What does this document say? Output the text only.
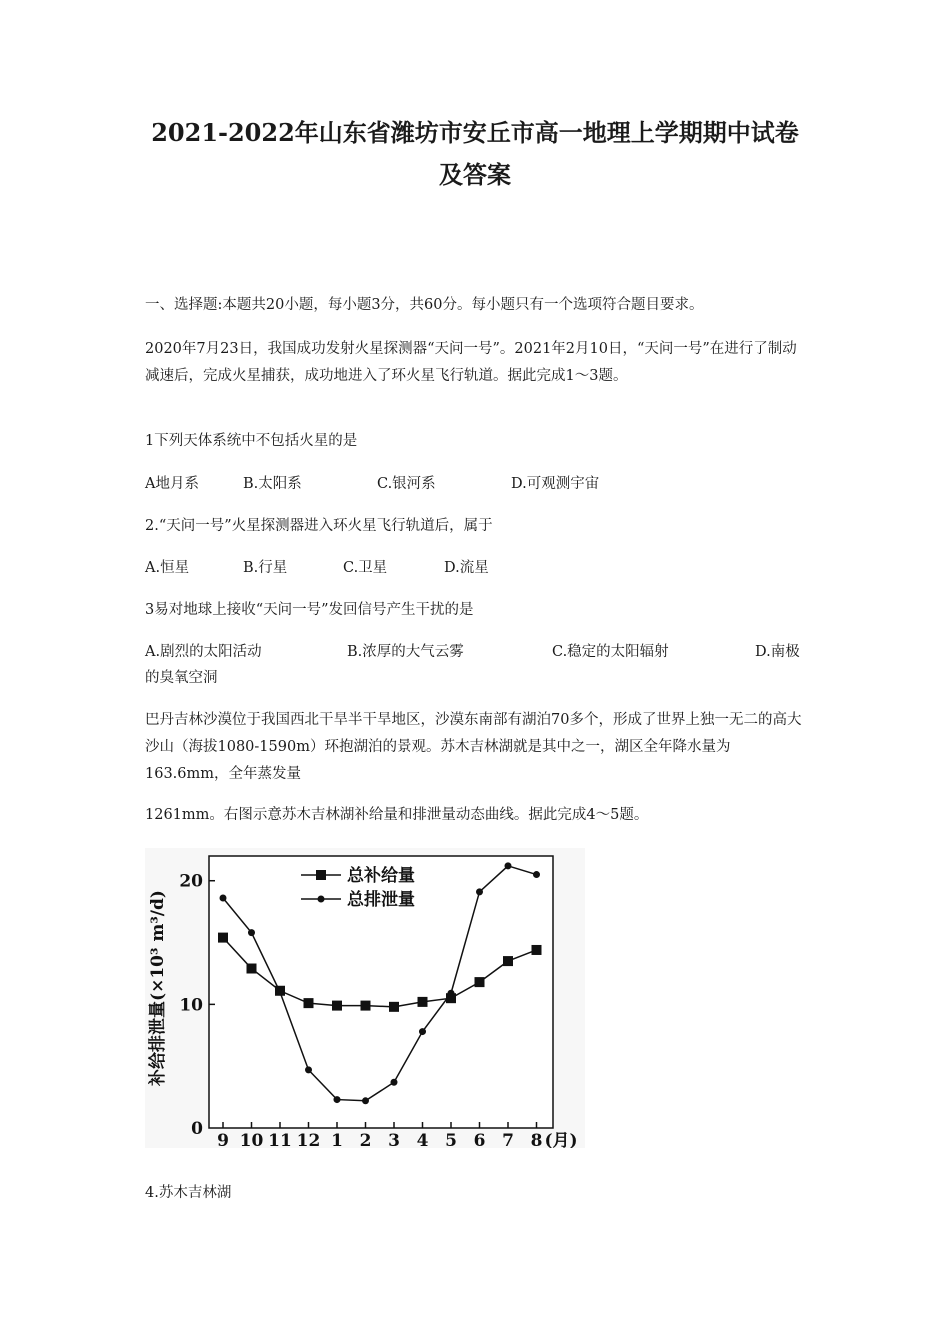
2021-2022年山东省潍坊市安丘市高一地理上学期期中试卷
及答案
一、选择题:本题共20小题，每小题3分，共60分。每小题只有一个选项符合题目要求。
2020年7月23日，我国成功发射火星探测器“天问一号”。2021年2月10日，“天问一号”在进行了制动减速后，完成火星捕获，成功地进入了环火星飞行轨道。据此完成1～3题。
1下列天体系统中不包括火星的是
A地月系	B.太阳系	C.银河系	D.可观测宇宙
2.“天问一号”火星探测器进入环火星飞行轨道后，属于
A.恒星	B.行星	C.卫星	D.流星
3易对地球上接收“天问一号”发回信号产生干扰的是
A.剧烈的太阳活动	B.浓厚的大气云雾	C.稳定的太阳辐射	D.南极
的臭氧空洞
巴丹吉林沙漠位于我国西北干旱半干旱地区，沙漠东南部有湖泊70多个，形成了世界上独一无二的高大沙山（海拔1080-1590m）环抱湖泊的景观。苏木吉林湖就是其中之一，湖区全年降水量为163.6mm，全年蒸发量
1261mm。右图示意苏木吉林湖补给量和排泄量动态曲线。据此完成4～5题。
补给排泄量(×10³ m³/d)
0
10
20
9 10 11 12 1 2 3 4 5 6 7 8 (月)
总补给量
总排泄量
4.苏木吉林湖
